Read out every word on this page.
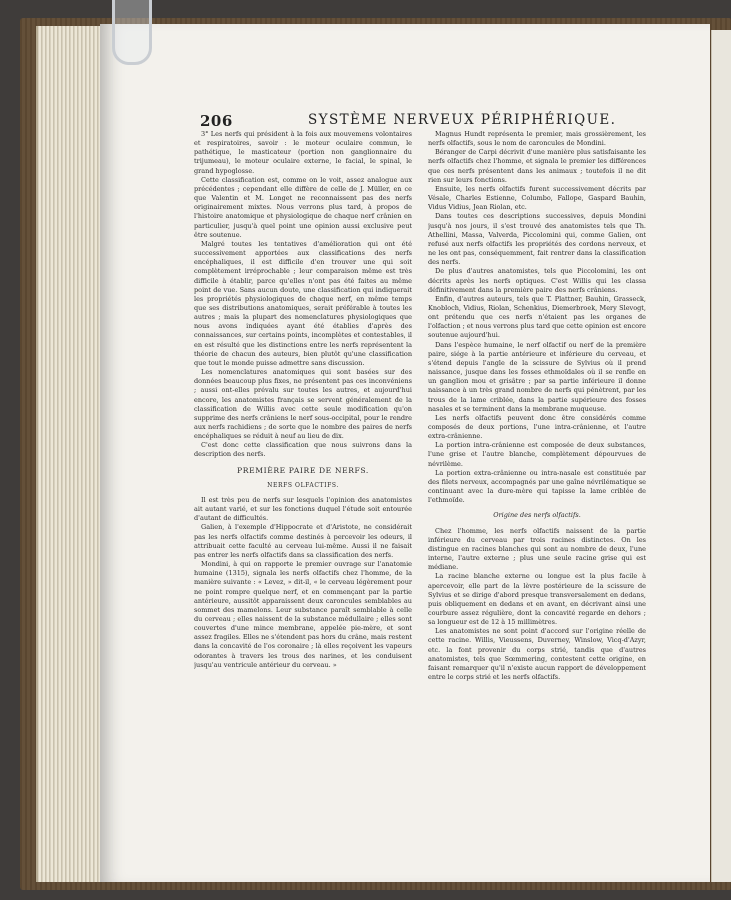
206	SYSTÈME NERVEUX PÉRIPHÉRIQUE.

3° Les nerfs qui président à la fois aux mouvemens volontaires et respiratoires, savoir : le moteur oculaire commun, le pathétique, le masticateur (portion non ganglionnaire du trijumeau), le moteur oculaire externe, le facial, le spinal, le grand hypoglosse.

Cette classification est, comme on le voit, assez analogue aux précédentes ; cependant elle diffère de celle de J. Müller, en ce que Valentin et M. Longet ne reconnaissent pas des nerfs originairement mixtes. Nous verrons plus tard, à propos de l'histoire anatomique et physiologique de chaque nerf crânien en particulier, jusqu'à quel point une opinion aussi exclusive peut être soutenue.

Malgré toutes les tentatives d'amélioration qui ont été successivement apportées aux classifications des nerfs encéphaliques, il est difficile d'en trouver une qui soit complètement irréprochable ; leur comparaison même est très difficile à établir, parce qu'elles n'ont pas été faites au même point de vue. Sans aucun doute, une classification qui indiquerait les propriétés physiologiques de chaque nerf, en même temps que ses distributions anatomiques, serait préférable à toutes les autres ; mais la plupart des nomenclatures physiologiques que nous avons indiquées ayant été établies d'après des connaissances, sur certains points, incomplètes et contestables, il en est résulté que les distinctions entre les nerfs représentent la théorie de chacun des auteurs, bien plutôt qu'une classification que tout le monde puisse admettre sans discussion.

Les nomenclatures anatomiques qui sont basées sur des données beaucoup plus fixes, ne présentent pas ces inconvéniens ; aussi ont-elles prévalu sur toutes les autres, et aujourd'hui encore, les anatomistes français se servent généralement de la classification de Willis avec cette seule modification qu'on supprime des nerfs crâniens le nerf sous-occipital, pour le rendre aux nerfs rachidiens ; de sorte que le nombre des paires de nerfs encéphaliques se réduit à neuf au lieu de dix.

C'est donc cette classification que nous suivrons dans la description des nerfs.

PREMIÈRE PAIRE DE NERFS.

NERFS OLFACTIFS.

Il est très peu de nerfs sur lesquels l'opinion des anatomistes ait autant varié, et sur les fonctions duquel l'étude soit entourée d'autant de difficultés.

Galien, à l'exemple d'Hippocrate et d'Aristote, ne considérait pas les nerfs olfactifs comme destinés à percevoir les odeurs, il attribuait cette faculté au cerveau lui-même. Aussi il ne faisait pas entrer les nerfs olfactifs dans sa classification des nerfs.

Mondini, à qui on rapporte le premier ouvrage sur l'anatomie humaine (1315), signala les nerfs olfactifs chez l'homme, de la manière suivante : « Levez, » dit-il, « le cerveau légèrement pour ne point rompre quelque nerf, et en commençant par la partie antérieure, aussitôt apparaissent deux caroncules semblables au sommet des mamelons. Leur substance paraît semblable à celle du cerveau ; elles naissent de la substance médullaire ; elles sont couvertes d'une mince membrane, appelée pie-mère, et sont assez fragiles. Elles ne s'étendent pas hors du crâne, mais restent dans la concavité de l'os coronaire ; là elles reçoivent les vapeurs odorantes à travers les trous des narines, et les conduisent jusqu'au ventricule antérieur du cerveau. »

Magnus Hundt représenta le premier, mais grossièrement, les nerfs olfactifs, sous le nom de caroncules de Mondini.

Béranger de Carpi décrivit d'une manière plus satisfaisante les nerfs olfactifs chez l'homme, et signala le premier les différences que ces nerfs présentent dans les animaux ; toutefois il ne dit rien sur leurs fonctions.

Ensuite, les nerfs olfactifs furent successivement décrits par Vésale, Charles Estienne, Columbo, Fallope, Gaspard Bauhin, Vidus Vidius, Jean Riolan, etc.

Dans toutes ces descriptions successives, depuis Mondini jusqu'à nos jours, il s'est trouvé des anatomistes tels que Th. Athellini, Massa, Valverda, Piccolomini qui, comme Galien, ont refusé aux nerfs olfactifs les propriétés des cordons nerveux, et ne les ont pas, conséquemment, fait rentrer dans la classification des nerfs.

De plus d'autres anatomistes, tels que Piccolomini, les ont décrits après les nerfs optiques. C'est Willis qui les classa définitivement dans la première paire des nerfs crâniens.

Enfin, d'autres auteurs, tels que T. Plattner, Bauhin, Grasseck, Knobloch, Vidius, Riolan, Schenkius, Diemerbroek, Mery Slevogt, ont prétendu que ces nerfs n'étaient pas les organes de l'olfaction ; et nous verrons plus tard que cette opinion est encore soutenue aujourd'hui.

Dans l'espèce humaine, le nerf olfactif ou nerf de la première paire, siége à la partie antérieure et inférieure du cerveau, et s'étend depuis l'angle de la scissure de Sylvius où il prend naissance, jusque dans les fosses ethmoïdales où il se renfle en un ganglion mou et grisâtre ; par sa partie inférieure il donne naissance à un très grand nombre de nerfs qui pénètrent, par les trous de la lame criblée, dans la partie supérieure des fosses nasales et se terminent dans la membrane muqueuse.

Les nerfs olfactifs peuvent donc être considérés comme composés de deux portions, l'une intra-crânienne, et l'autre extra-crânienne.

La portion intra-crânienne est composée de deux substances, l'une grise et l'autre blanche, complètement dépourvues de névrilème.

La portion extra-crânienne ou intra-nasale est constituée par des filets nerveux, accompagnés par une gaîne névrilématique se continuant avec la dure-mère qui tapisse la lame criblée de l'ethmoïde.

Origine des nerfs olfactifs.

Chez l'homme, les nerfs olfactifs naissent de la partie inférieure du cerveau par trois racines distinctes. On les distingue en racines blanches qui sont au nombre de deux, l'une interne, l'autre externe ; plus une seule racine grise qui est médiane.

La racine blanche externe ou longue est la plus facile à apercevoir, elle part de la lèvre postérieure de la scissure de Sylvius et se dirige d'abord presque transversalement en dedans, puis obliquement en dedans et en avant, en décrivant ainsi une courbure assez régulière, dont la concavité regarde en dehors ; sa longueur est de 12 à 15 millimètres.

Les anatomistes ne sont point d'accord sur l'origine réelle de cette racine. Willis, Vieussens, Duverney, Winslow, Vicq-d'Azyr, etc. la font provenir du corps strié, tandis que d'autres anatomistes, tels que Sœmmering, contestent cette origine, en faisant remarquer qu'il n'existe aucun rapport de développement entre le corps strié et les nerfs olfactifs.
